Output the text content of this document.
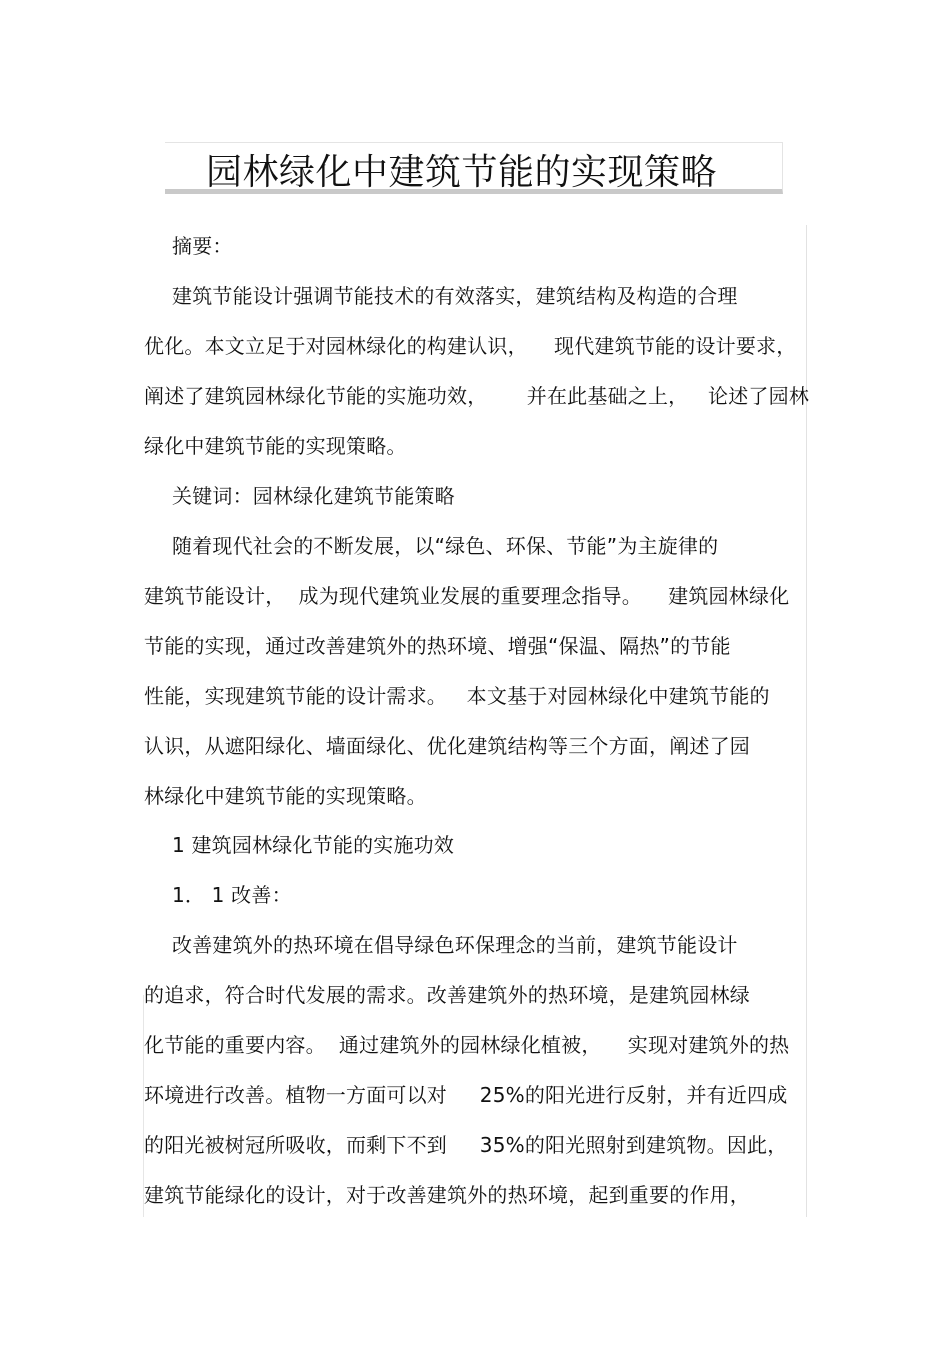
园林绿化中建筑节能的实现策略
摘要：
建筑节能设计强调节能技术的有效落实，建筑结构及构造的合理
优化。本文立足于对园林绿化的构建认识，    现代建筑节能的设计要求，
阐述了建筑园林绿化节能的实施功效，      并在此基础之上，   论述了园林
绿化中建筑节能的实现策略。
关键词：园林绿化建筑节能策略
随着现代社会的不断发展，以“绿色、环保、节能”为主旋律的
建筑节能设计，  成为现代建筑业发展的重要理念指导。    建筑园林绿化
节能的实现，通过改善建筑外的热环境、增强“保温、隔热”的节能
性能，实现建筑节能的设计需求。   本文基于对园林绿化中建筑节能的
认识，从遮阳绿化、墙面绿化、优化建筑结构等三个方面，阐述了园
林绿化中建筑节能的实现策略。
1 建筑园林绿化节能的实施功效
1． 1 改善：
改善建筑外的热环境在倡导绿色环保理念的当前，建筑节能设计
的追求，符合时代发展的需求。改善建筑外的热环境，是建筑园林绿
化节能的重要内容。  通过建筑外的园林绿化植被，    实现对建筑外的热
环境进行改善。植物一方面可以对     25%的阳光进行反射，并有近四成
的阳光被树冠所吸收，而剩下不到     35%的阳光照射到建筑物。因此，
建筑节能绿化的设计，对于改善建筑外的热环境，起到重要的作用，
